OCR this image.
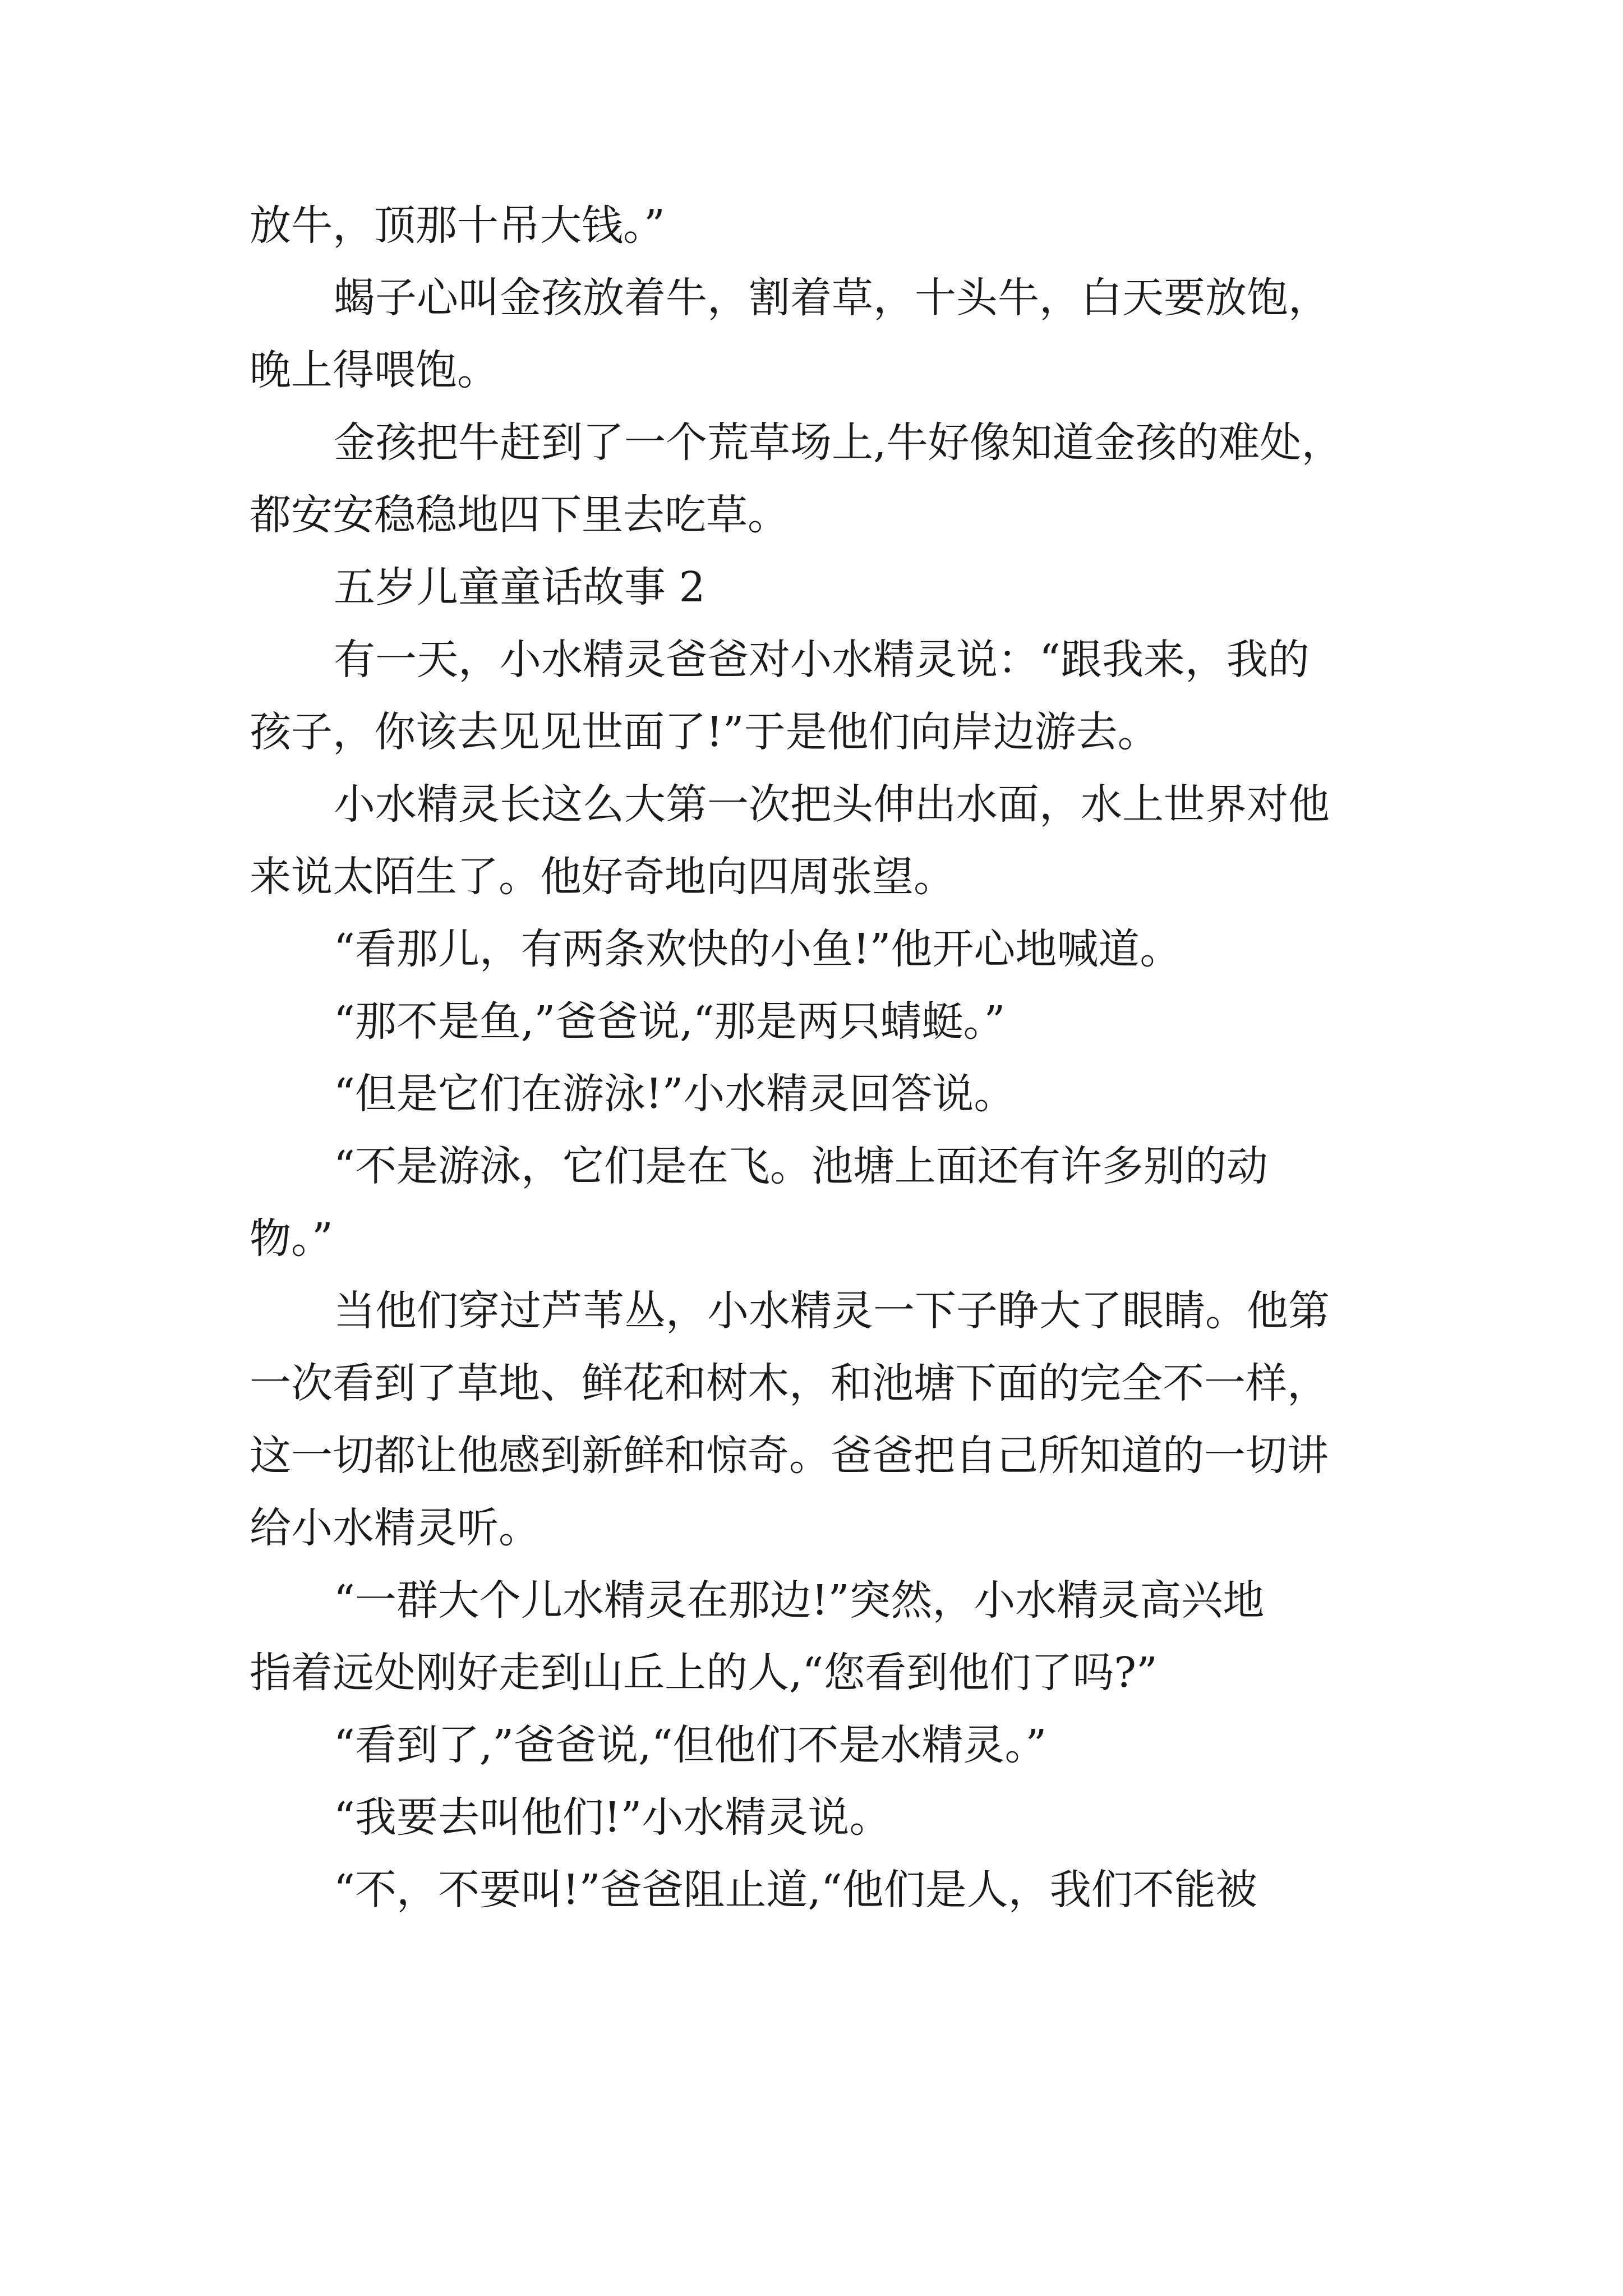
放牛，顶那十吊大钱。”
蝎子心叫金孩放着牛，割着草，十头牛，白天要放饱，
晚上得喂饱。
金孩把牛赶到了一个荒草场上,牛好像知道金孩的难处，
都安安稳稳地四下里去吃草。
五岁儿童童话故事 2
有一天，小水精灵爸爸对小水精灵说：“跟我来，我的
孩子，你该去见见世面了!”于是他们向岸边游去。
小水精灵长这么大第一次把头伸出水面，水上世界对他
来说太陌生了。他好奇地向四周张望。
“看那儿，有两条欢快的小鱼!”他开心地喊道。
“那不是鱼,”爸爸说,“那是两只蜻蜓。”
“但是它们在游泳!”小水精灵回答说。
“不是游泳，它们是在飞。池塘上面还有许多别的动
物。”
当他们穿过芦苇丛，小水精灵一下子睁大了眼睛。他第
一次看到了草地、鲜花和树木，和池塘下面的完全不一样，
这一切都让他感到新鲜和惊奇。爸爸把自己所知道的一切讲
给小水精灵听。
“一群大个儿水精灵在那边!”突然，小水精灵高兴地
指着远处刚好走到山丘上的人,“您看到他们了吗?”
“看到了,”爸爸说,“但他们不是水精灵。”
“我要去叫他们!”小水精灵说。
“不，不要叫!”爸爸阻止道,“他们是人，我们不能被
